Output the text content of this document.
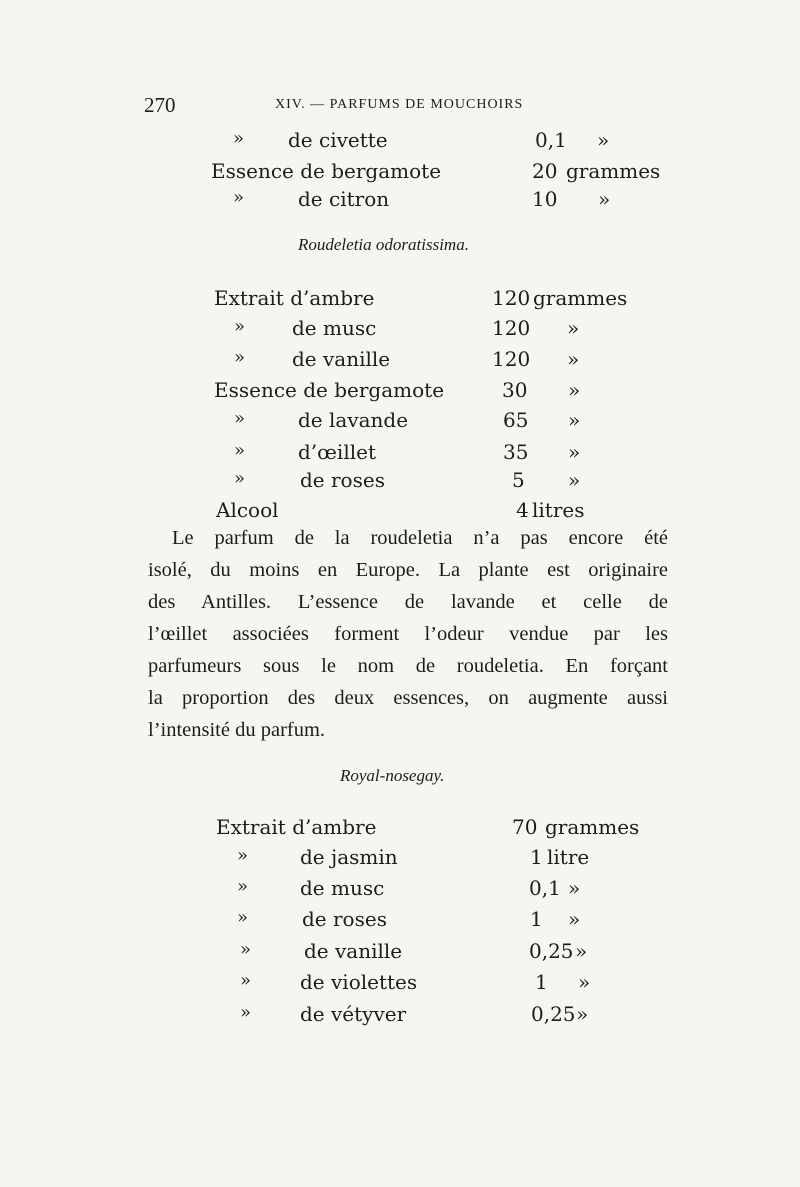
270	XIV. — PARFUMS DE MOUCHOIRS
» de civette	0,1 »
Essence de bergamote	20 grammes
»	de citron	10 »
Roudeletia odoratissima.
Extrait d’ambre	120 grammes
» de musc	120 »
» de vanille	120 »
Essence de bergamote	30 »
»	de lavande	65 »
»	d’œillet	35 »
»	de roses	5 »
Alcool	4 litres
Le parfum de la roudeletia n’a pas encore été
isolé, du moins en Europe. La plante est originaire
des Antilles. L’essence de lavande et celle de
l’œillet associées forment l’odeur vendue par les
parfumeurs sous le nom de roudeletia. En forçant
la proportion des deux essences, on augmente aussi
l’intensité du parfum.
Royal-nosegay.
Extrait d’ambre	70 grammes
»	de jasmin	1 litre
»	de musc	0,1 »
»	de roses	1 »
»	de vanille	0,25 »
» de violettes	1 »
» de vétyver	0,25 »
